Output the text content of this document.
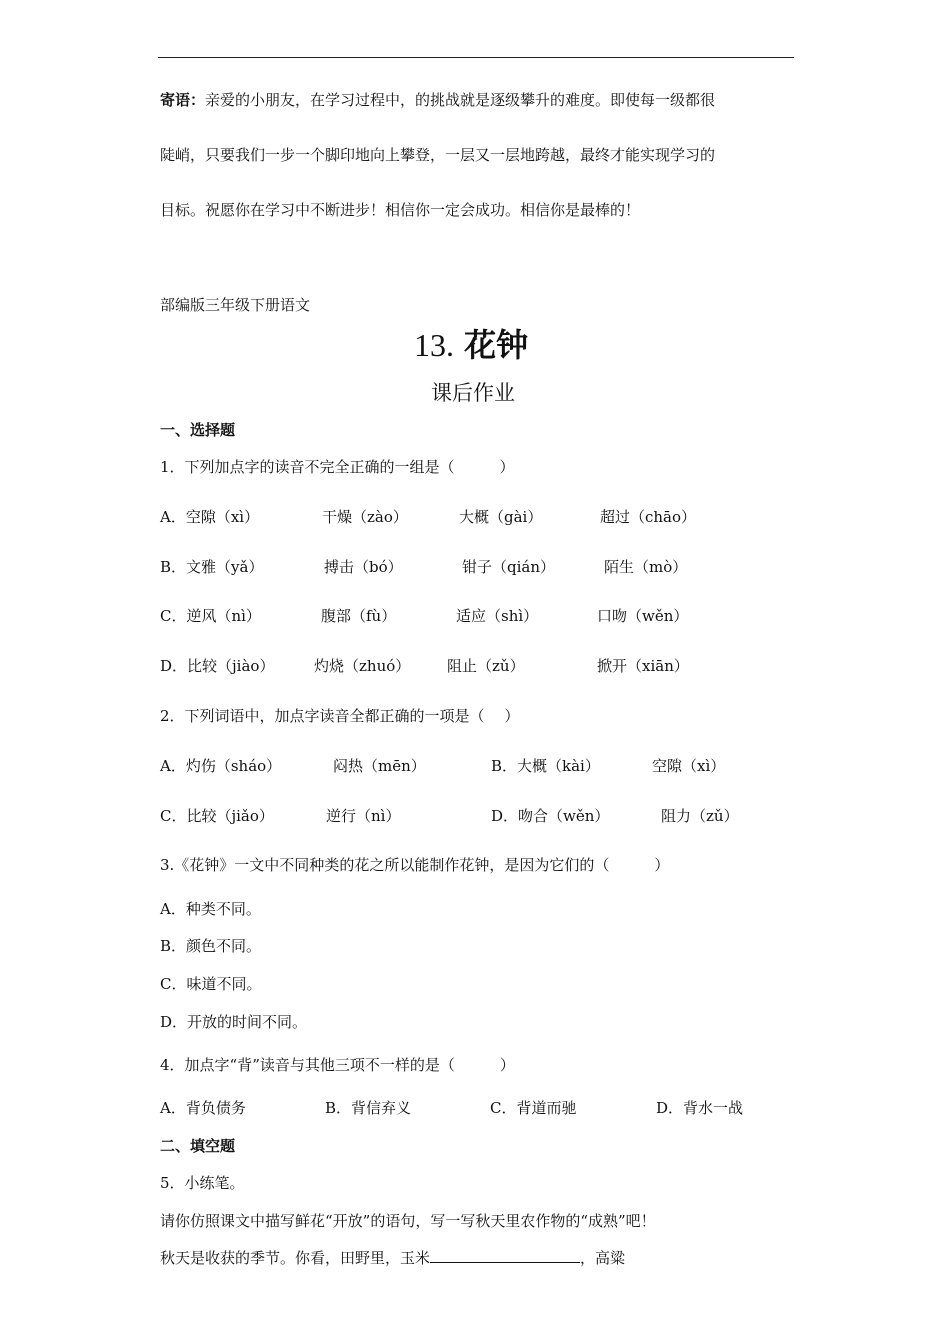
寄语：亲爱的小朋友，在学习过程中，的挑战就是逐级攀升的难度。即使每一级都很
陡峭，只要我们一步一个脚印地向上攀登，一层又一层地跨越，最终才能实现学习的
目标。祝愿你在学习中不断进步！相信你一定会成功。相信你是最棒的！
部编版三年级下册语文
13. 花钟
课后作业
一、选择题
1．下列加点字的读音不完全正确的一组是（　　　）
A．空隙（xì）	干燥（zào）	大概（gài）	超过（chāo）
B．文雅（yǎ）	搏击（bó）	钳子（qián）	陌生（mò）
C．逆风（nì）	腹部（fù）	适应（shì）	口吻（wěn）
D．比较（jiào）	灼烧（zhuó） 阻止（zǔ）	掀开（xiān）
2．下列词语中，加点字读音全都正确的一项是（　 ）
A．灼伤（sháo）	闷热（mēn）	B．大概（kài）	空隙（xì）
C．比较（jiǎo）	逆行（nì）	D．吻合（wěn）	阻力（zǔ）
3.《花钟》一文中不同种类的花之所以能制作花钟，是因为它们的（　　　）
A．种类不同。
B．颜色不同。
C．味道不同。
D．开放的时间不同。
4．加点字“背”读音与其他三项不一样的是（　　　）
A．背负债务	B．背信弃义	C．背道而驰	D．背水一战
二、填空题
5．小练笔。
请你仿照课文中描写鲜花“开放”的语句，写一写秋天里农作物的“成熟”吧！
秋天是收获的季节。你看，田野里，玉米	，高粱
